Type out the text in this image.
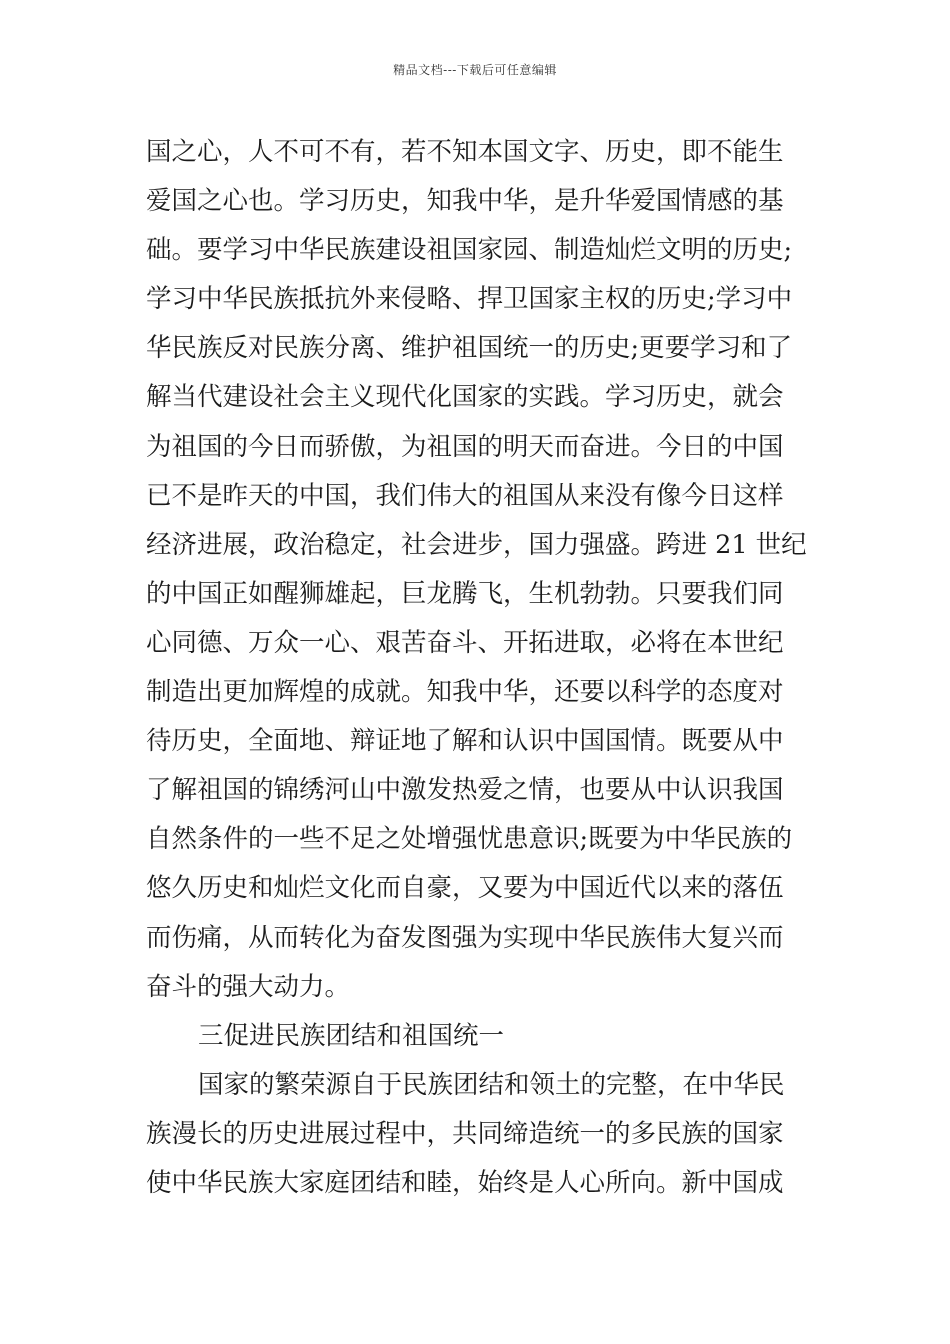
精品文档---下载后可任意编辑
国之心，人不可不有，若不知本国文字、历史，即不能生
爱国之心也。学习历史，知我中华，是升华爱国情感的基
础。要学习中华民族建设祖国家园、制造灿烂文明的历史;
学习中华民族抵抗外来侵略、捍卫国家主权的历史;学习中
华民族反对民族分离、维护祖国统一的历史;更要学习和了
解当代建设社会主义现代化国家的实践。学习历史，就会
为祖国的今日而骄傲，为祖国的明天而奋进。今日的中国
已不是昨天的中国，我们伟大的祖国从来没有像今日这样
经济进展，政治稳定，社会进步，国力强盛。跨进 21 世纪
的中国正如醒狮雄起，巨龙腾飞，生机勃勃。只要我们同
心同德、万众一心、艰苦奋斗、开拓进取，必将在本世纪
制造出更加辉煌的成就。知我中华，还要以科学的态度对
待历史，全面地、辩证地了解和认识中国国情。既要从中
了解祖国的锦绣河山中激发热爱之情，也要从中认识我国
自然条件的一些不足之处增强忧患意识;既要为中华民族的
悠久历史和灿烂文化而自豪，又要为中国近代以来的落伍
而伤痛，从而转化为奋发图强为实现中华民族伟大复兴而
奋斗的强大动力。
三促进民族团结和祖国统一
国家的繁荣源自于民族团结和领土的完整，在中华民
族漫长的历史进展过程中，共同缔造统一的多民族的国家
使中华民族大家庭团结和睦，始终是人心所向。新中国成
